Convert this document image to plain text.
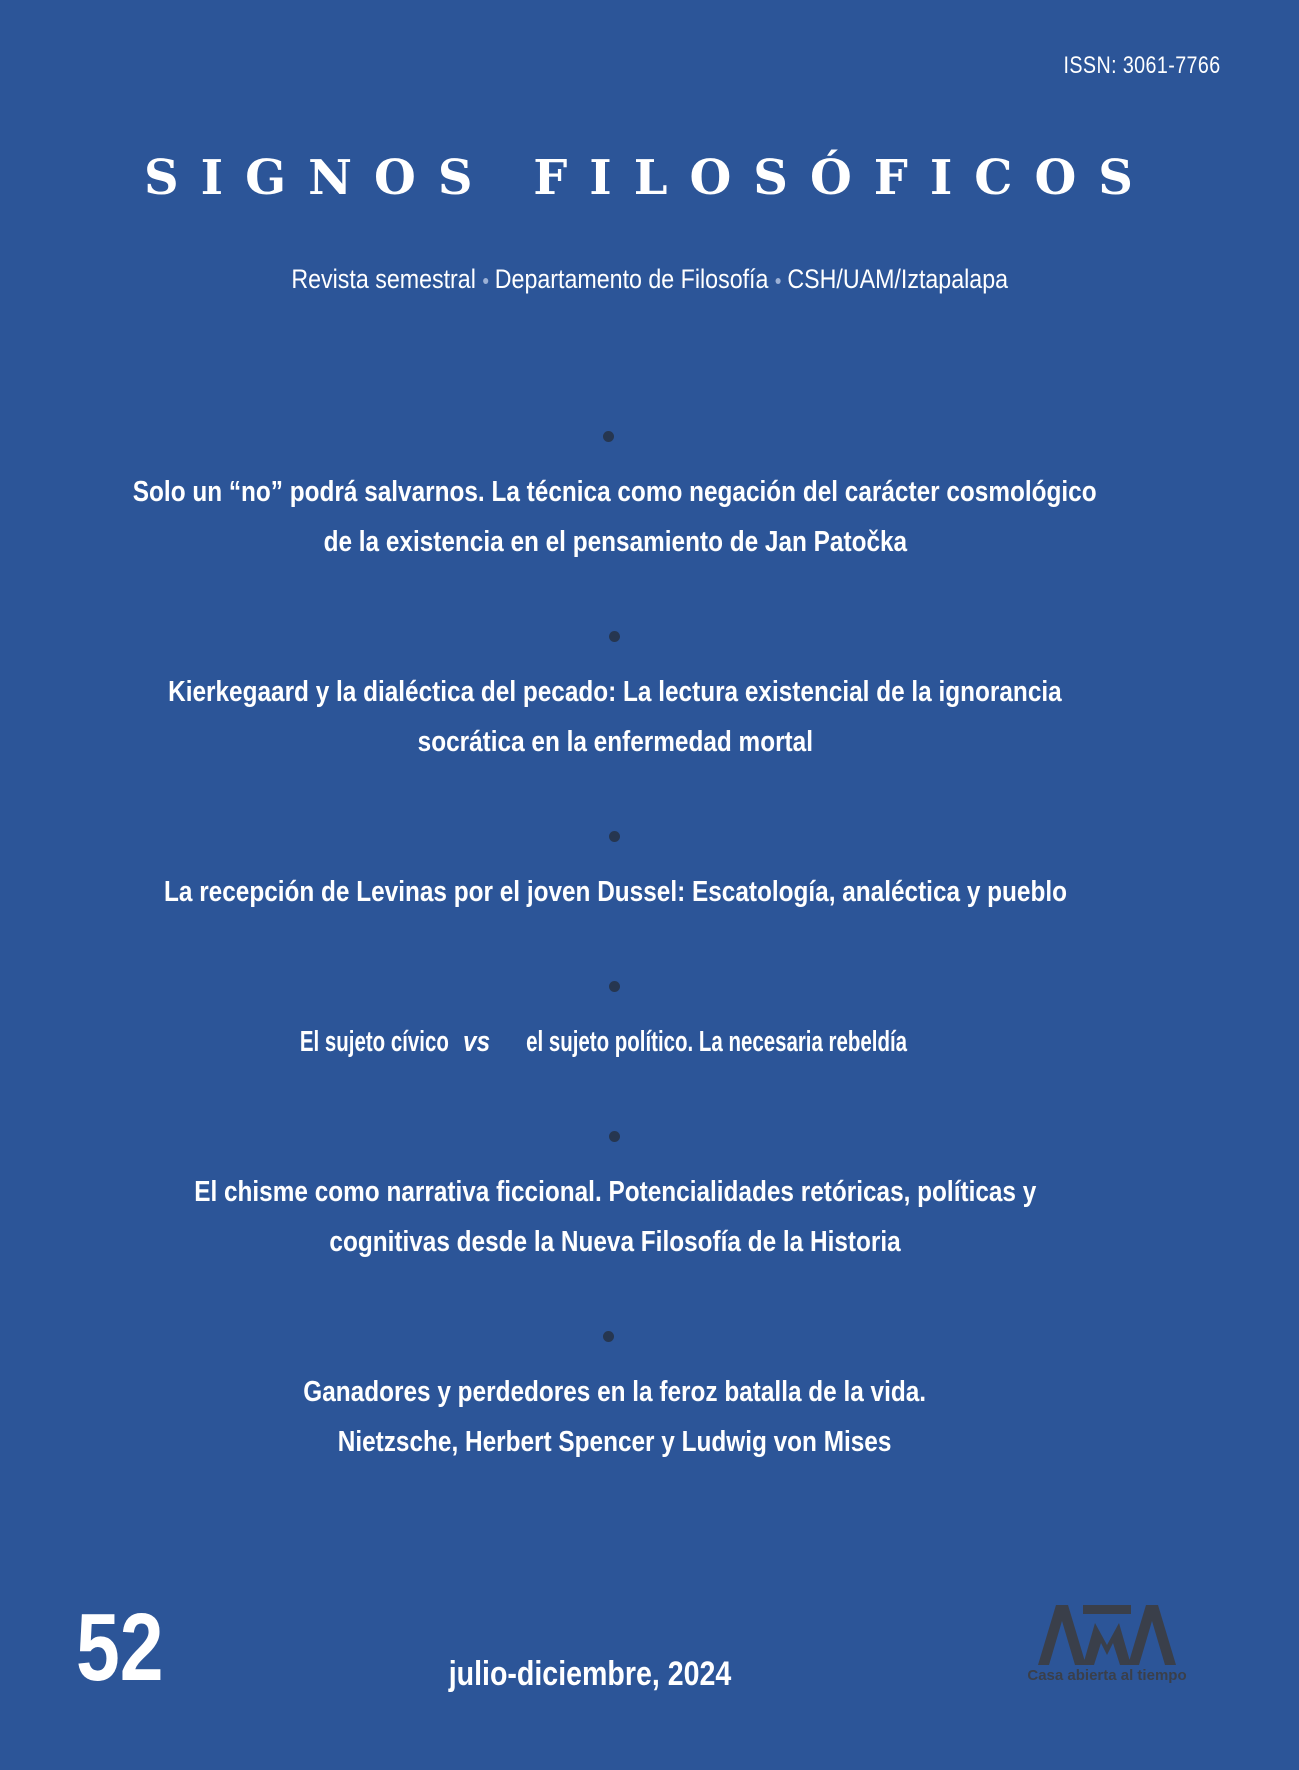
ISSN: 3061-7766
SIGNOS FILOSÓFICOS
Revista semestral Departamento de Filosofía CSH/UAM/Iztapalapa
Solo un “no” podrá salvarnos. La técnica como negación del carácter cosmológico
de la existencia en el pensamiento de Jan Patočka
Kierkegaard y la dialéctica del pecado: La lectura existencial de la ignorancia
socrática en la enfermedad mortal
La recepción de Levinas por el joven Dussel: Escatología, analéctica y pueblo
El sujeto cívicovsel sujeto político. La necesaria rebeldía
El chisme como narrativa ficcional. Potencialidades retóricas, políticas y
cognitivas desde la Nueva Filosofía de la Historia
Ganadores y perdedores en la feroz batalla de la vida.
Nietzsche, Herbert Spencer y Ludwig von Mises
52	julio-diciembre, 2024	Casa abierta al tiempo
